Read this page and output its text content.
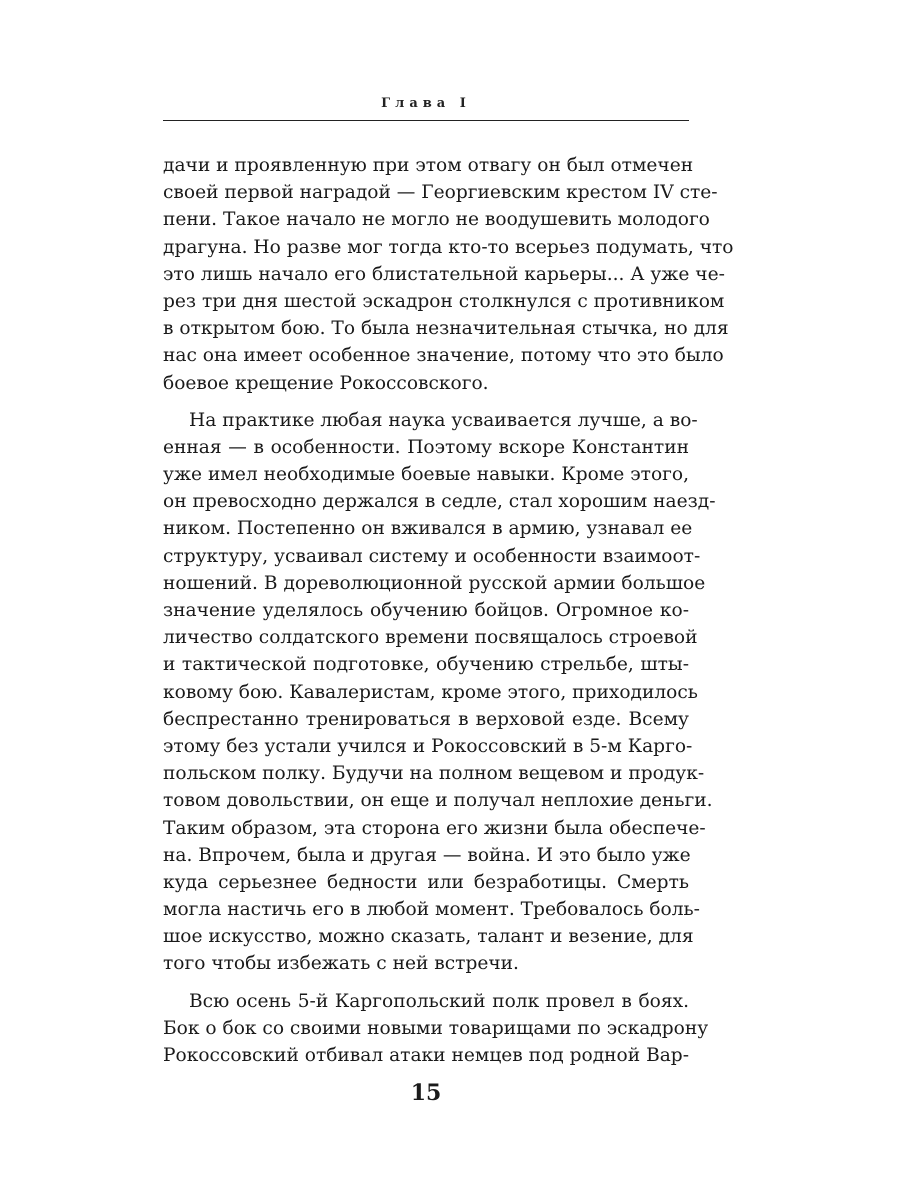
Глава I
дачи и проявленную при этом отвагу он был отмечен
своей первой наградой — Георгиевским крестом IV сте-
пени. Такое начало не могло не воодушевить молодого
драгуна. Но разве мог тогда кто-то всерьез подумать, что
это лишь начало его блистательной карьеры... А уже че-
рез три дня шестой эскадрон столкнулся с противником
в открытом бою. То была незначительная стычка, но для
нас она имеет особенное значение, потому что это было
боевое крещение Рокоссовского.
На практике любая наука усваивается лучше, а во-
енная — в особенности. Поэтому вскоре Константин
уже имел необходимые боевые навыки. Кроме этого,
он превосходно держался в седле, стал хорошим наезд-
ником. Постепенно он вживался в армию, узнавал ее
структуру, усваивал систему и особенности взаимоот-
ношений. В дореволюционной русской армии большое
значение уделялось обучению бойцов. Огромное ко-
личество солдатского времени посвящалось строевой
и тактической подготовке, обучению стрельбе, шты-
ковому бою. Кавалеристам, кроме этого, приходилось
беспрестанно тренироваться в верховой езде. Всему
этому без устали учился и Рокоссовский в 5-м Карго-
польском полку. Будучи на полном вещевом и продук-
товом довольствии, он еще и получал неплохие деньги.
Таким образом, эта сторона его жизни была обеспече-
на. Впрочем, была и другая — война. И это было уже
куда серьезнее бедности или безработицы. Смерть
могла настичь его в любой момент. Требовалось боль-
шое искусство, можно сказать, талант и везение, для
того чтобы избежать с ней встречи.
Всю осень 5-й Каргопольский полк провел в боях.
Бок о бок со своими новыми товарищами по эскадрону
Рокоссовский отбивал атаки немцев под родной Вар-
15
